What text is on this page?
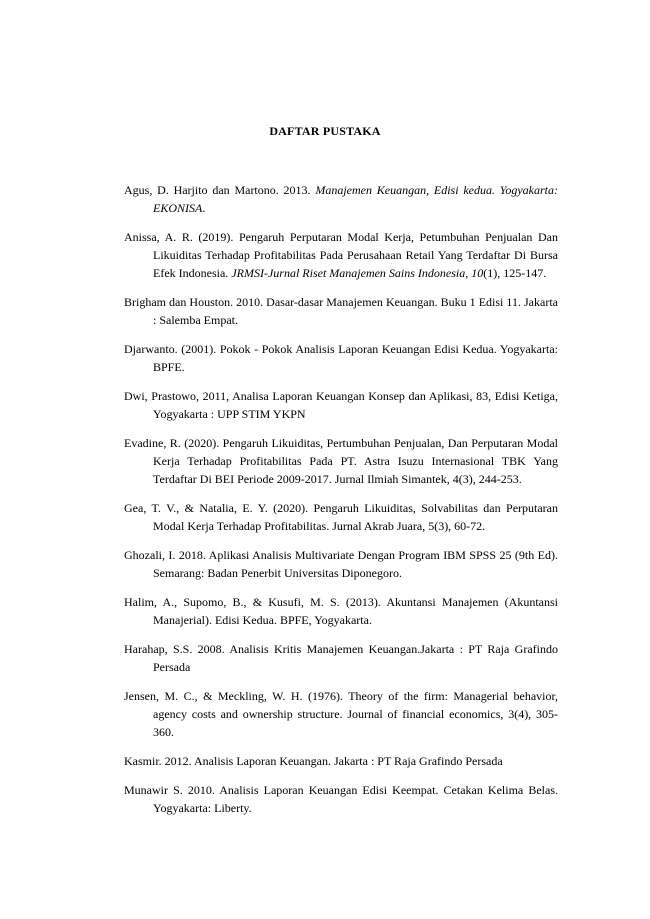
DAFTAR PUSTAKA

Agus, D. Harjito dan Martono. 2013. Manajemen Keuangan, Edisi kedua. Yogyakarta: EKONISA.

Anissa, A. R. (2019). Pengaruh Perputaran Modal Kerja, Petumbuhan Penjualan Dan Likuiditas Terhadap Profitabilitas Pada Perusahaan Retail Yang Terdaftar Di Bursa Efek Indonesia. JRMSI-Jurnal Riset Manajemen Sains Indonesia, 10(1), 125-147.

Brigham dan Houston. 2010. Dasar-dasar Manajemen Keuangan. Buku 1 Edisi 11. Jakarta : Salemba Empat.

Djarwanto. (2001). Pokok - Pokok Analisis Laporan Keuangan Edisi Kedua. Yogyakarta: BPFE.

Dwi, Prastowo, 2011, Analisa Laporan Keuangan Konsep dan Aplikasi, 83, Edisi Ketiga, Yogyakarta : UPP STIM YKPN

Evadine, R. (2020). Pengaruh Likuiditas, Pertumbuhan Penjualan, Dan Perputaran Modal Kerja Terhadap Profitabilitas Pada PT. Astra Isuzu Internasional TBK Yang Terdaftar Di BEI Periode 2009-2017. Jurnal Ilmiah Simantek, 4(3), 244-253.

Gea, T. V., & Natalia, E. Y. (2020). Pengaruh Likuiditas, Solvabilitas dan Perputaran Modal Kerja Terhadap Profitabilitas. Jurnal Akrab Juara, 5(3), 60-72.

Ghozali, I. 2018. Aplikasi Analisis Multivariate Dengan Program IBM SPSS 25 (9th Ed). Semarang: Badan Penerbit Universitas Diponegoro.

Halim, A., Supomo, B., & Kusufi, M. S. (2013). Akuntansi Manajemen (Akuntansi Manajerial). Edisi Kedua. BPFE, Yogyakarta.

Harahap, S.S. 2008. Analisis Kritis Manajemen Keuangan.Jakarta : PT Raja Grafindo Persada

Jensen, M. C., & Meckling, W. H. (1976). Theory of the firm: Managerial behavior, agency costs and ownership structure. Journal of financial economics, 3(4), 305-360.

Kasmir. 2012. Analisis Laporan Keuangan. Jakarta : PT Raja Grafindo Persada

Munawir S. 2010. Analisis Laporan Keuangan Edisi Keempat. Cetakan Kelima Belas. Yogyakarta: Liberty.
